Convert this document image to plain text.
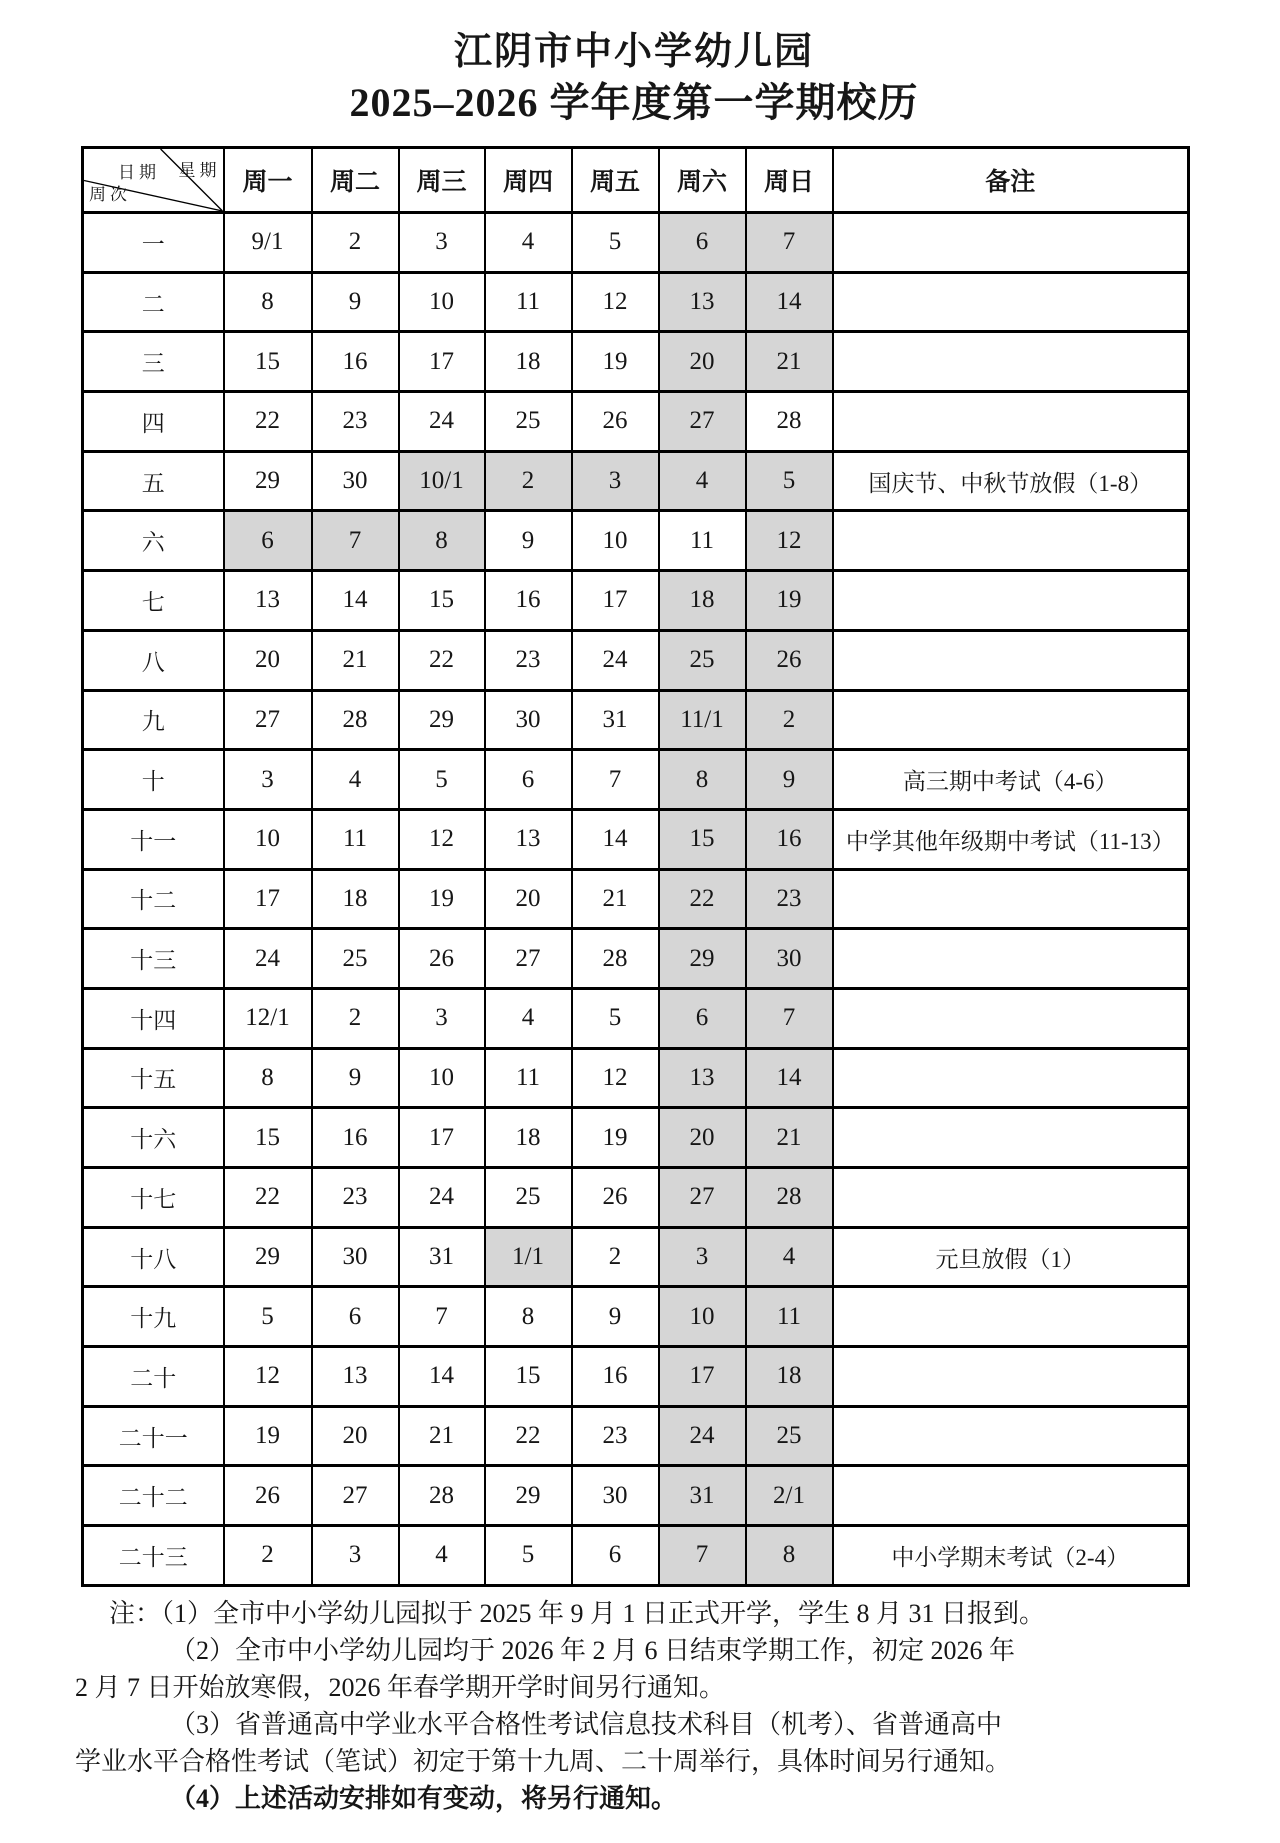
江阴市中小学幼儿园
2025–2026 学年度第一学期校历
日期 星期
周次	周一	周二	周三	周四	周五	周六	周日	备注
一	9/1	2	3	4	5	6	7	
二	8	9	10	11	12	13	14	
三	15	16	17	18	19	20	21	
四	22	23	24	25	26	27	28	
五	29	30	10/1	2	3	4	5	国庆节、中秋节放假（1-8）
六	6	7	8	9	10	11	12	
七	13	14	15	16	17	18	19	
八	20	21	22	23	24	25	26	
九	27	28	29	30	31	11/1	2	
十	3	4	5	6	7	8	9	高三期中考试（4-6）
十一	10	11	12	13	14	15	16	中学其他年级期中考试（11-13）
十二	17	18	19	20	21	22	23	
十三	24	25	26	27	28	29	30	
十四	12/1	2	3	4	5	6	7	
十五	8	9	10	11	12	13	14	
十六	15	16	17	18	19	20	21	
十七	22	23	24	25	26	27	28	
十八	29	30	31	1/1	2	3	4	元旦放假（1）
十九	5	6	7	8	9	10	11	
二十	12	13	14	15	16	17	18	
二十一	19	20	21	22	23	24	25	
二十二	26	27	28	29	30	31	2/1	
二十三	2	3	4	5	6	7	8	中小学期末考试（2-4）
注：（1）全市中小学幼儿园拟于 2025 年 9 月 1 日正式开学，学生 8 月 31 日报到。
（2）全市中小学幼儿园均于 2026 年 2 月 6 日结束学期工作，初定 2026 年
2 月 7 日开始放寒假，2026 年春学期开学时间另行通知。
（3）省普通高中学业水平合格性考试信息技术科目（机考）、省普通高中
学业水平合格性考试（笔试）初定于第十九周、二十周举行，具体时间另行通知。
（4）上述活动安排如有变动，将另行通知。
